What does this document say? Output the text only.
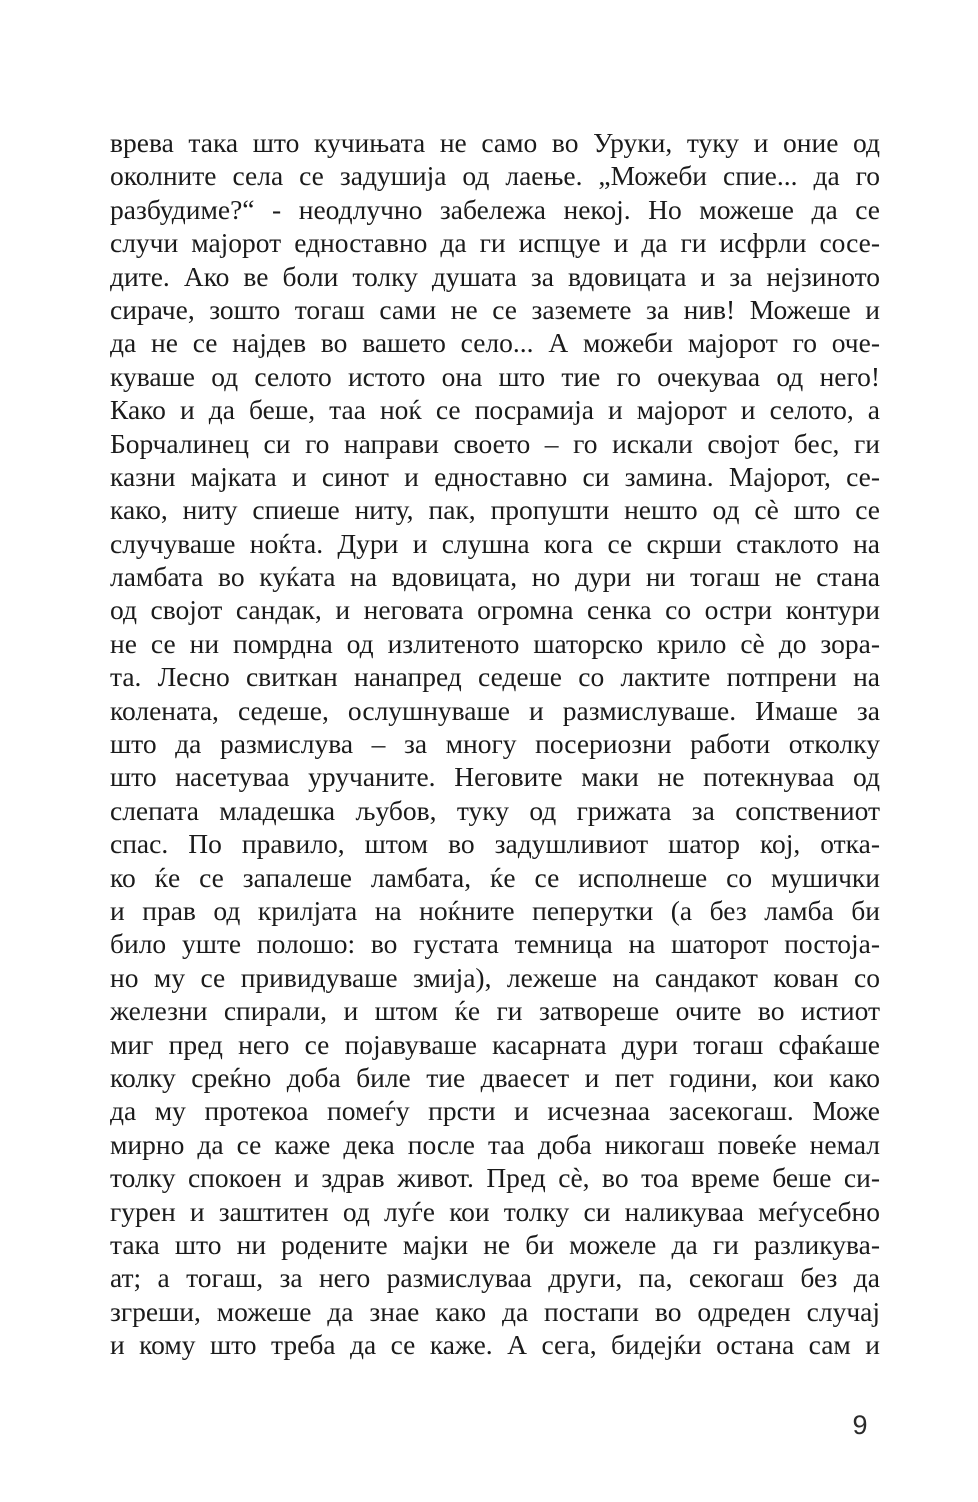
врева така што кучињата не само во Уруки, туку и оние од
околните села се задушија од лаење. „Можеби спие... да го
разбудиме?“ - неодлучно забележа некој. Но можеше да се
случи мајорот едноставно да ги испцуе и да ги исфрли сосе-
дите. Ако ве боли толку душата за вдовицата и за нејзиното
сираче, зошто тогаш сами не се заземете за нив! Можеше и
да не се најдев во вашето село... А можеби мајорот го оче-
куваше од селото истото она што тие го очекуваа од него!
Како и да беше, таа ноќ се посрамија и мајорот и селото, а
Борчалинец си го направи своето – го искали својот бес, ги
казни мајката и синот и едноставно си замина. Мајорот, се-
како, ниту спиеше ниту, пак, пропушти нешто од сè што се
случуваше ноќта. Дури и слушна кога се скрши стаклото на
ламбата во куќата на вдовицата, но дури ни тогаш не стана
од својот сандак, и неговата огромна сенка со остри контури
не се ни помрдна од излитеното шаторско крило сè до зора-
та. Лесно свиткан нанапред седеше со лактите потпрени на
колената, седеше, ослушнуваше и размислуваше. Имаше за
што да размислува – за многу посериозни работи отколку
што насетуваа уручаните. Неговите маки не потекнуваа од
слепата младешка љубов, туку од грижата за сопствениот
спас. По правило, штом во задушливиот шатор кој, отка-
ко ќе се запалеше ламбата, ќе се исполнеше со мушички
и прав од крилјата на ноќните пеперутки (а без ламба би
било уште полошо: во густата темница на шаторот постоја-
но му се привидуваше змија), лежеше на сандакот кован со
железни спирали, и штом ќе ги затвореше очите во истиот
миг пред него се појавуваше касарната дури тогаш сфаќаше
колку среќно доба биле тие дваесет и пет години, кои како
да му протекоа помеѓу прсти и исчезнаа засекогаш. Може
мирно да се каже дека после таа доба никогаш повеќе немал
толку спокоен и здрав живот. Пред сè, во тоа време беше си-
гурен и заштитен од луѓе кои толку си наликуваа меѓусебно
така што ни родените мајки не би можеле да ги разликува-
ат; а тогаш, за него размислуваа други, па, секогаш без да
згреши, можеше да знае како да постапи во одреден случај
и кому што треба да се каже. А сега, бидејќи остана сам и
9
